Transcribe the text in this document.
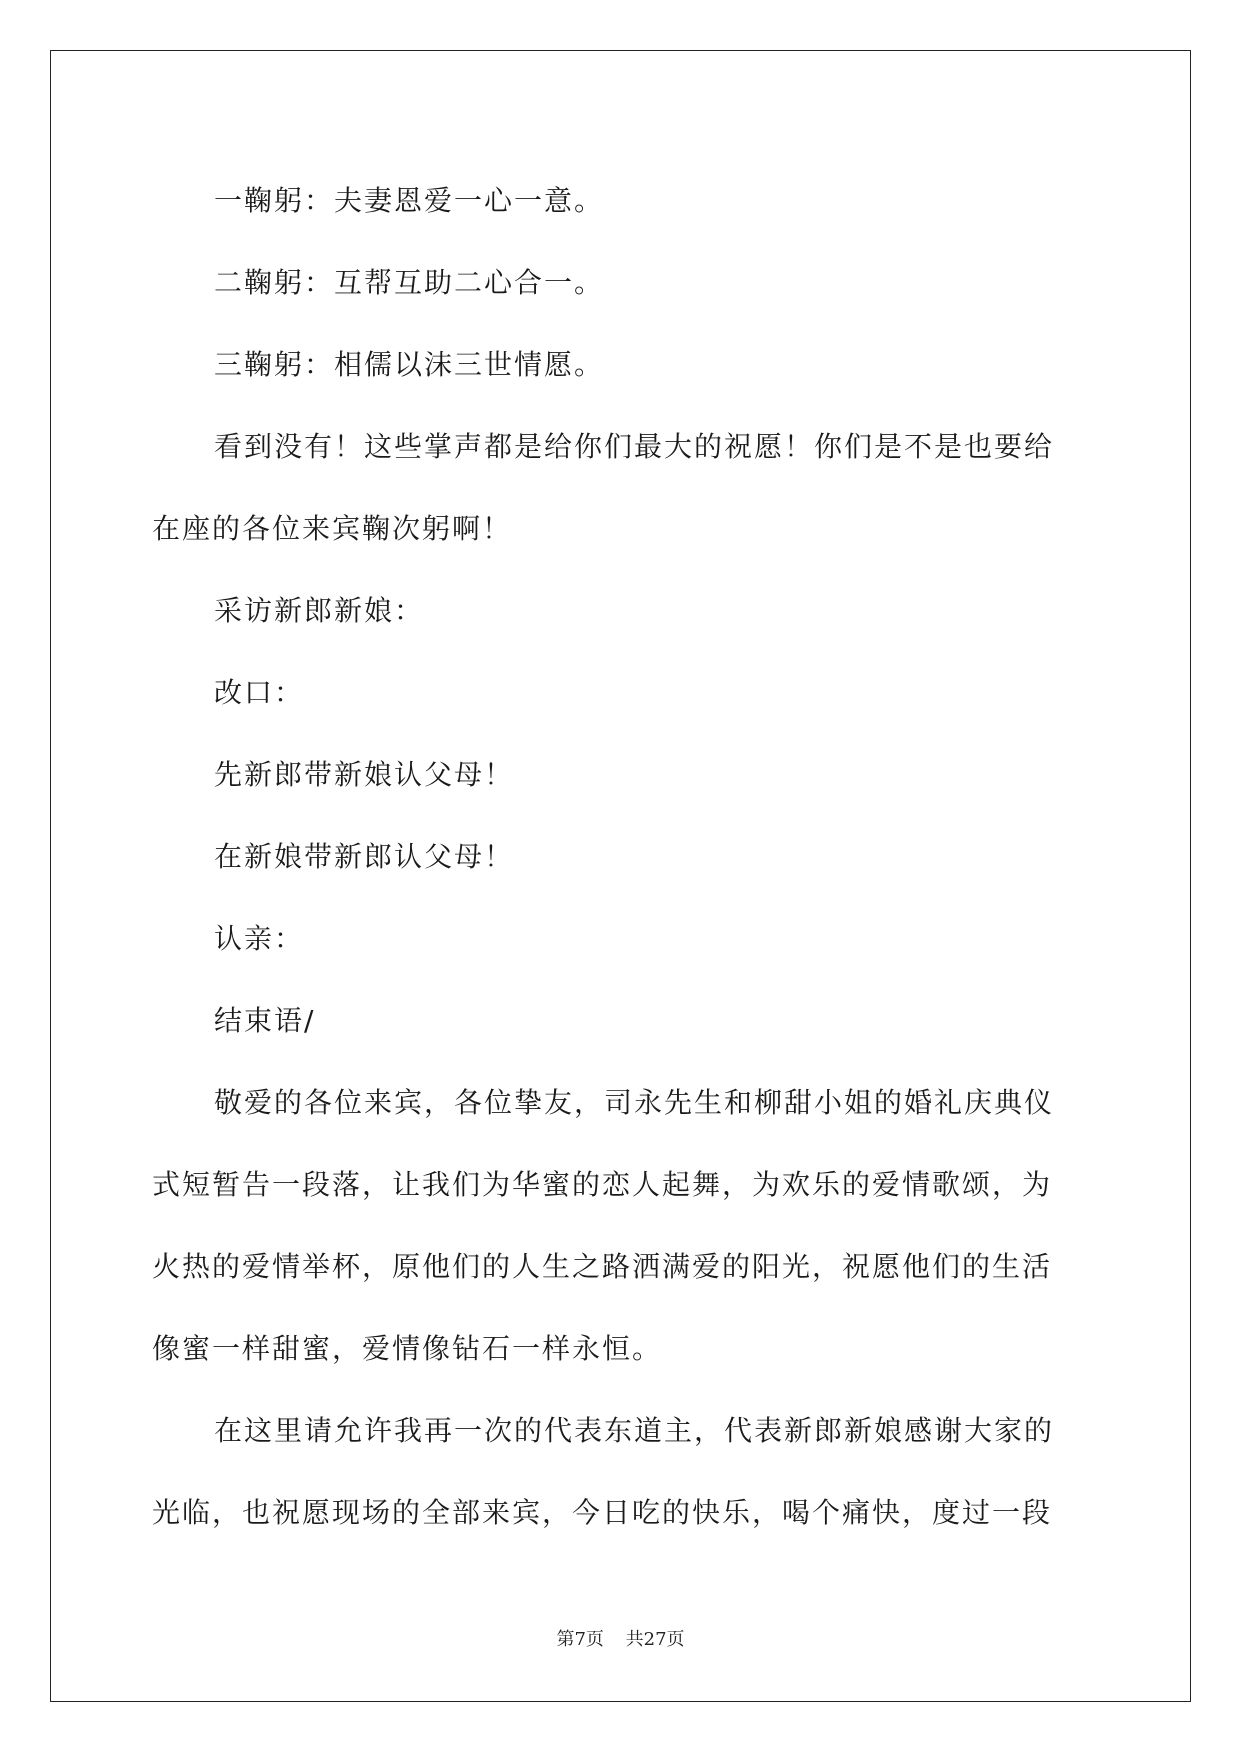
一鞠躬：夫妻恩爱一心一意。
二鞠躬：互帮互助二心合一。
三鞠躬：相儒以沫三世情愿。
看到没有！这些掌声都是给你们最大的祝愿！你们是不是也要给
在座的各位来宾鞠次躬啊！
采访新郎新娘：
改口：
先新郎带新娘认父母！
在新娘带新郎认父母！
认亲：
结束语/
敬爱的各位来宾，各位挚友，司永先生和柳甜小姐的婚礼庆典仪
式短暂告一段落，让我们为华蜜的恋人起舞，为欢乐的爱情歌颂，为
火热的爱情举杯，原他们的人生之路洒满爱的阳光，祝愿他们的生活
像蜜一样甜蜜，爱情像钻石一样永恒。
在这里请允许我再一次的代表东道主，代表新郎新娘感谢大家的
光临，也祝愿现场的全部来宾，今日吃的快乐，喝个痛快，度过一段
第7页 共27页
